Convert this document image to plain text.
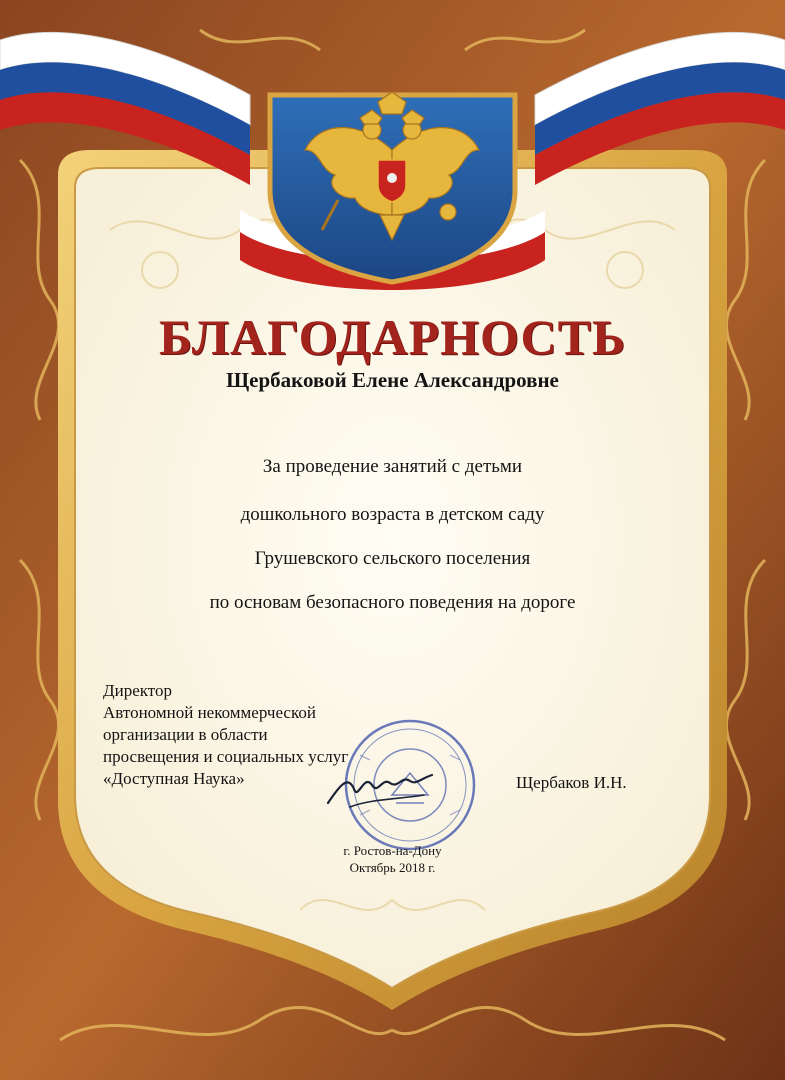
БЛАГОДАРНОСТЬ
Щербаковой Елене Александровне
За проведение занятий с детьми
дошкольного возраста в детском саду
Грушевского сельского поселения
по основам безопасного поведения на дороге
Директор
Автономной некоммерческой
организации в области
просвещения и социальных услуг
«Доступная Наука»	Щербаков И.Н.
г. Ростов-на-Дону
Октябрь 2018 г.
